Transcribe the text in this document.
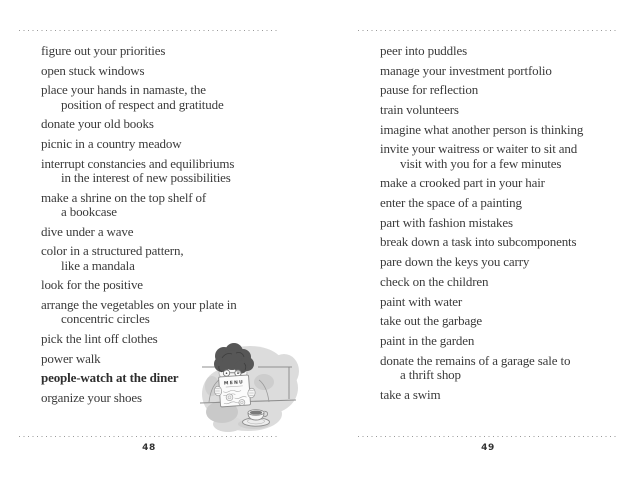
figure out your priorities
open stuck windows
place your hands in namaste, the
position of respect and gratitude
donate your old books
picnic in a country meadow
interrupt constancies and equilibriums
in the interest of new possibilities
make a shrine on the top shelf of
a bookcase
dive under a wave
color in a structured pattern,
like a mandala
look for the positive
arrange the vegetables on your plate in
concentric circles
pick the lint off clothes
power walk
people-watch at the diner
organize your shoes
MENU
48
peer into puddles
manage your investment portfolio
pause for reflection
train volunteers
imagine what another person is thinking
invite your waitress or waiter to sit and
visit with you for a few minutes
make a crooked part in your hair
enter the space of a painting
part with fashion mistakes
break down a task into subcomponents
pare down the keys you carry
check on the children
paint with water
take out the garbage
paint in the garden
donate the remains of a garage sale to
a thrift shop
take a swim
49
